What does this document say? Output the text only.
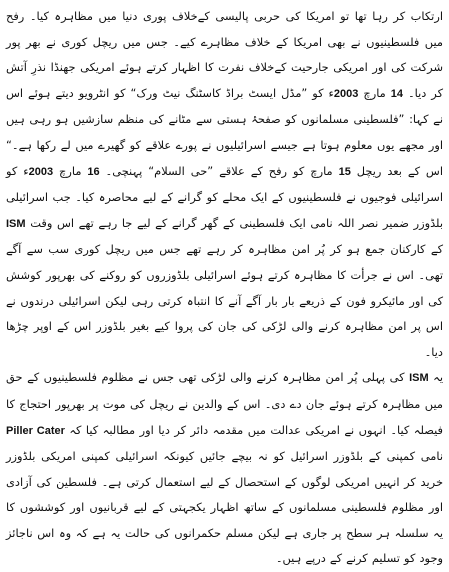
ارتکاب کر رہا تھا تو امریکا کی حربی پالیسی کےخلاف پوری دنیا میں مظاہرہ کیا۔ رفح میں فلسطینیوں نے بھی امریکا کے خلاف مظاہرے کیے۔ جس میں ریچل کوری نے بھر پور شرکت کی اور امریکی جارحیت کےخلاف نفرت کا اظہار کرتے ہوئے امریکی جھنڈا نذرِ آتش کر دیا۔ 14 مارچ 2003ء کو ”مڈل ایسٹ براڈ کاسٹنگ نیٹ ورک“ کو انٹرویو دیتے ہوئے اس نے کہا: ”فلسطینی مسلمانوں کو صفحۂ ہستی سے مٹانے کی منظم سازشیں ہو رہی ہیں اور مجھے یوں معلوم ہوتا ہے جیسے اسرائیلیوں نے پورے علاقے کو گھیرے میں لے رکھا ہے۔“ اس کے بعد ریچل 15 مارچ کو رفح کے علاقے ”حی السلام“ پہنچی۔ 16 مارچ 2003ء کو اسرائیلی فوجیوں نے فلسطینیوں کے ایک محلے کو گرانے کے لیے محاصرہ کیا۔ جب اسرائیلی بلڈوزر ضمیر نصر اللہ نامی ایک فلسطینی کے گھر گرانے کے لیے جا رہے تھے اس وقت ISM کے کارکنان جمع ہو کر پُر امن مظاہرہ کر رہے تھے جس میں ریچل کوری سب سے آگے تھی۔ اس نے جرأت کا مظاہرہ کرتے ہوئے اسرائیلی بلڈوزروں کو روکنے کی بھرپور کوشش کی اور مائیکرو فون کے ذریعے بار بار آگے آنے کا انتباہ کرتی رہی لیکن اسرائیلی درندوں نے اس پر امن مظاہرہ کرنے والی لڑکی کی جان کی پروا کیے بغیر بلڈوزر اس کے اوپر چڑھا دیا۔

یہ ISM کی پہلی پُر امن مظاہرہ کرنے والی لڑکی تھی جس نے مظلوم فلسطینیوں کے حق میں مظاہرہ کرتے ہوئے جان دے دی۔ اس کے والدین نے ریچل کی موت پر بھرپور احتجاج کا فیصلہ کیا۔ انہوں نے امریکی عدالت میں مقدمہ دائر کر دیا اور مطالبہ کیا کہ Piller Cater نامی کمپنی کے بلڈوزر اسرائیل کو نہ بیچے جائیں کیونکہ اسرائیلی کمپنی امریکی بلڈوزر خرید کر انہیں امریکی لوگوں کے استحصال کے لیے استعمال کرتی ہے۔ فلسطین کی آزادی اور مظلوم فلسطینی مسلمانوں کے ساتھ اظہار یکجہتی کے لیے قربانیوں اور کوششوں کا یہ سلسلہ ہر سطح پر جاری ہے لیکن مسلم حکمرانوں کی حالت یہ ہے کہ وہ اس ناجائز وجود کو تسلیم کرنے کے درپے ہیں۔
